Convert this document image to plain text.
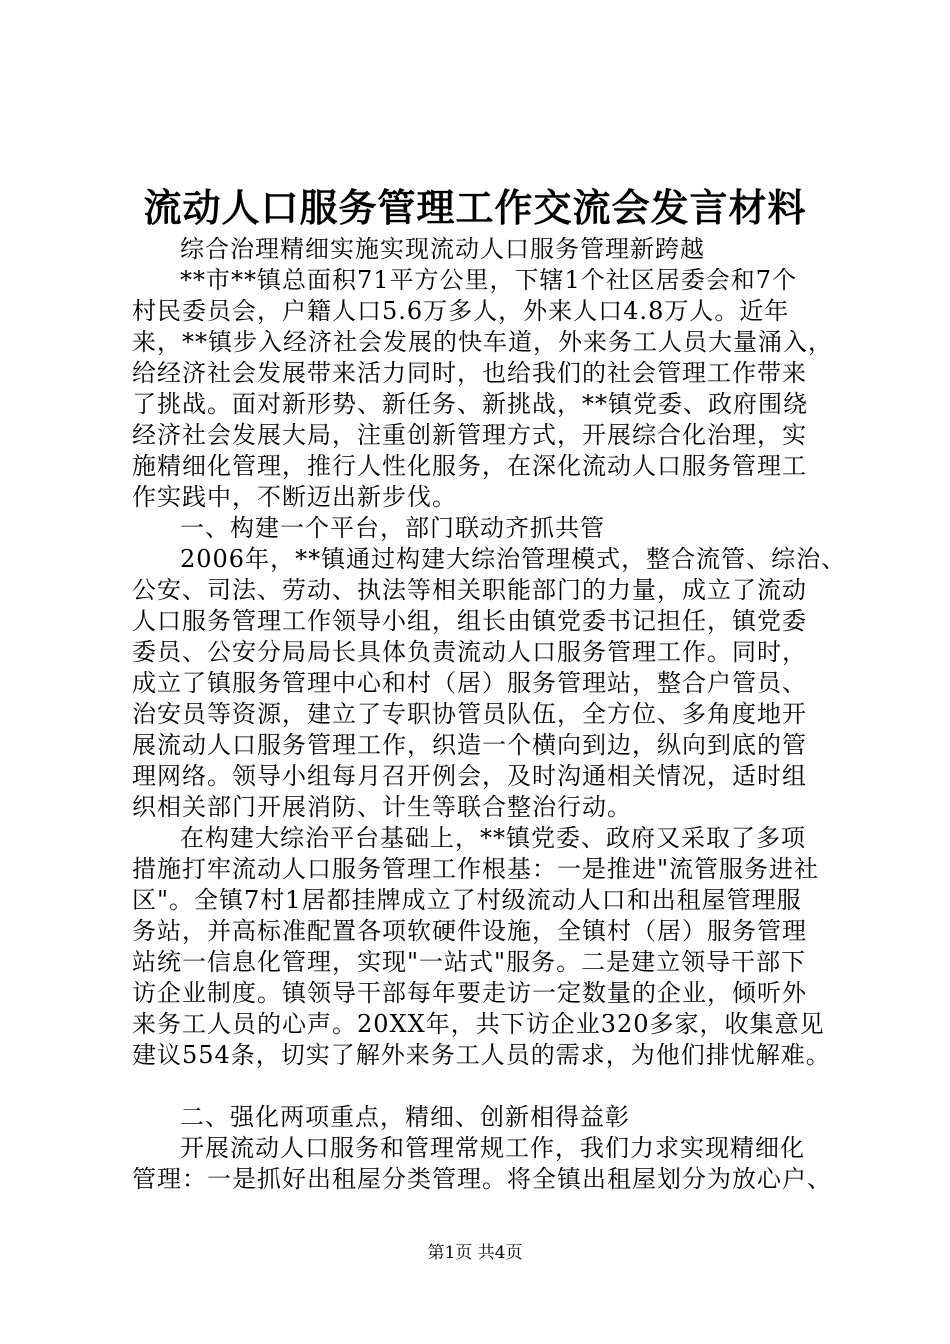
流动人口服务管理工作交流会发言材料
综合治理精细实施实现流动人口服务管理新跨越
**市**镇总面积71平方公里，下辖1个社区居委会和7个
村民委员会，户籍人口5.6万多人，外来人口4.8万人。近年
来，**镇步入经济社会发展的快车道，外来务工人员大量涌入，
给经济社会发展带来活力同时，也给我们的社会管理工作带来
了挑战。面对新形势、新任务、新挑战，**镇党委、政府围绕
经济社会发展大局，注重创新管理方式，开展综合化治理，实
施精细化管理，推行人性化服务，在深化流动人口服务管理工
作实践中，不断迈出新步伐。
一、构建一个平台，部门联动齐抓共管
2006年，**镇通过构建大综治管理模式，整合流管、综治、
公安、司法、劳动、执法等相关职能部门的力量，成立了流动
人口服务管理工作领导小组，组长由镇党委书记担任，镇党委
委员、公安分局局长具体负责流动人口服务管理工作。同时，
成立了镇服务管理中心和村（居）服务管理站，整合户管员、
治安员等资源，建立了专职协管员队伍，全方位、多角度地开
展流动人口服务管理工作，织造一个横向到边，纵向到底的管
理网络。领导小组每月召开例会，及时沟通相关情况，适时组
织相关部门开展消防、计生等联合整治行动。
在构建大综治平台基础上，**镇党委、政府又采取了多项
措施打牢流动人口服务管理工作根基：一是推进"流管服务进社
区"。全镇7村1居都挂牌成立了村级流动人口和出租屋管理服
务站，并高标准配置各项软硬件设施，全镇村（居）服务管理
站统一信息化管理，实现"一站式"服务。二是建立领导干部下
访企业制度。镇领导干部每年要走访一定数量的企业，倾听外
来务工人员的心声。20XX年，共下访企业320多家，收集意见
建议554条，切实了解外来务工人员的需求，为他们排忧解难。
二、强化两项重点，精细、创新相得益彰
开展流动人口服务和管理常规工作，我们力求实现精细化
管理：一是抓好出租屋分类管理。将全镇出租屋划分为放心户、
第1页 共4页
